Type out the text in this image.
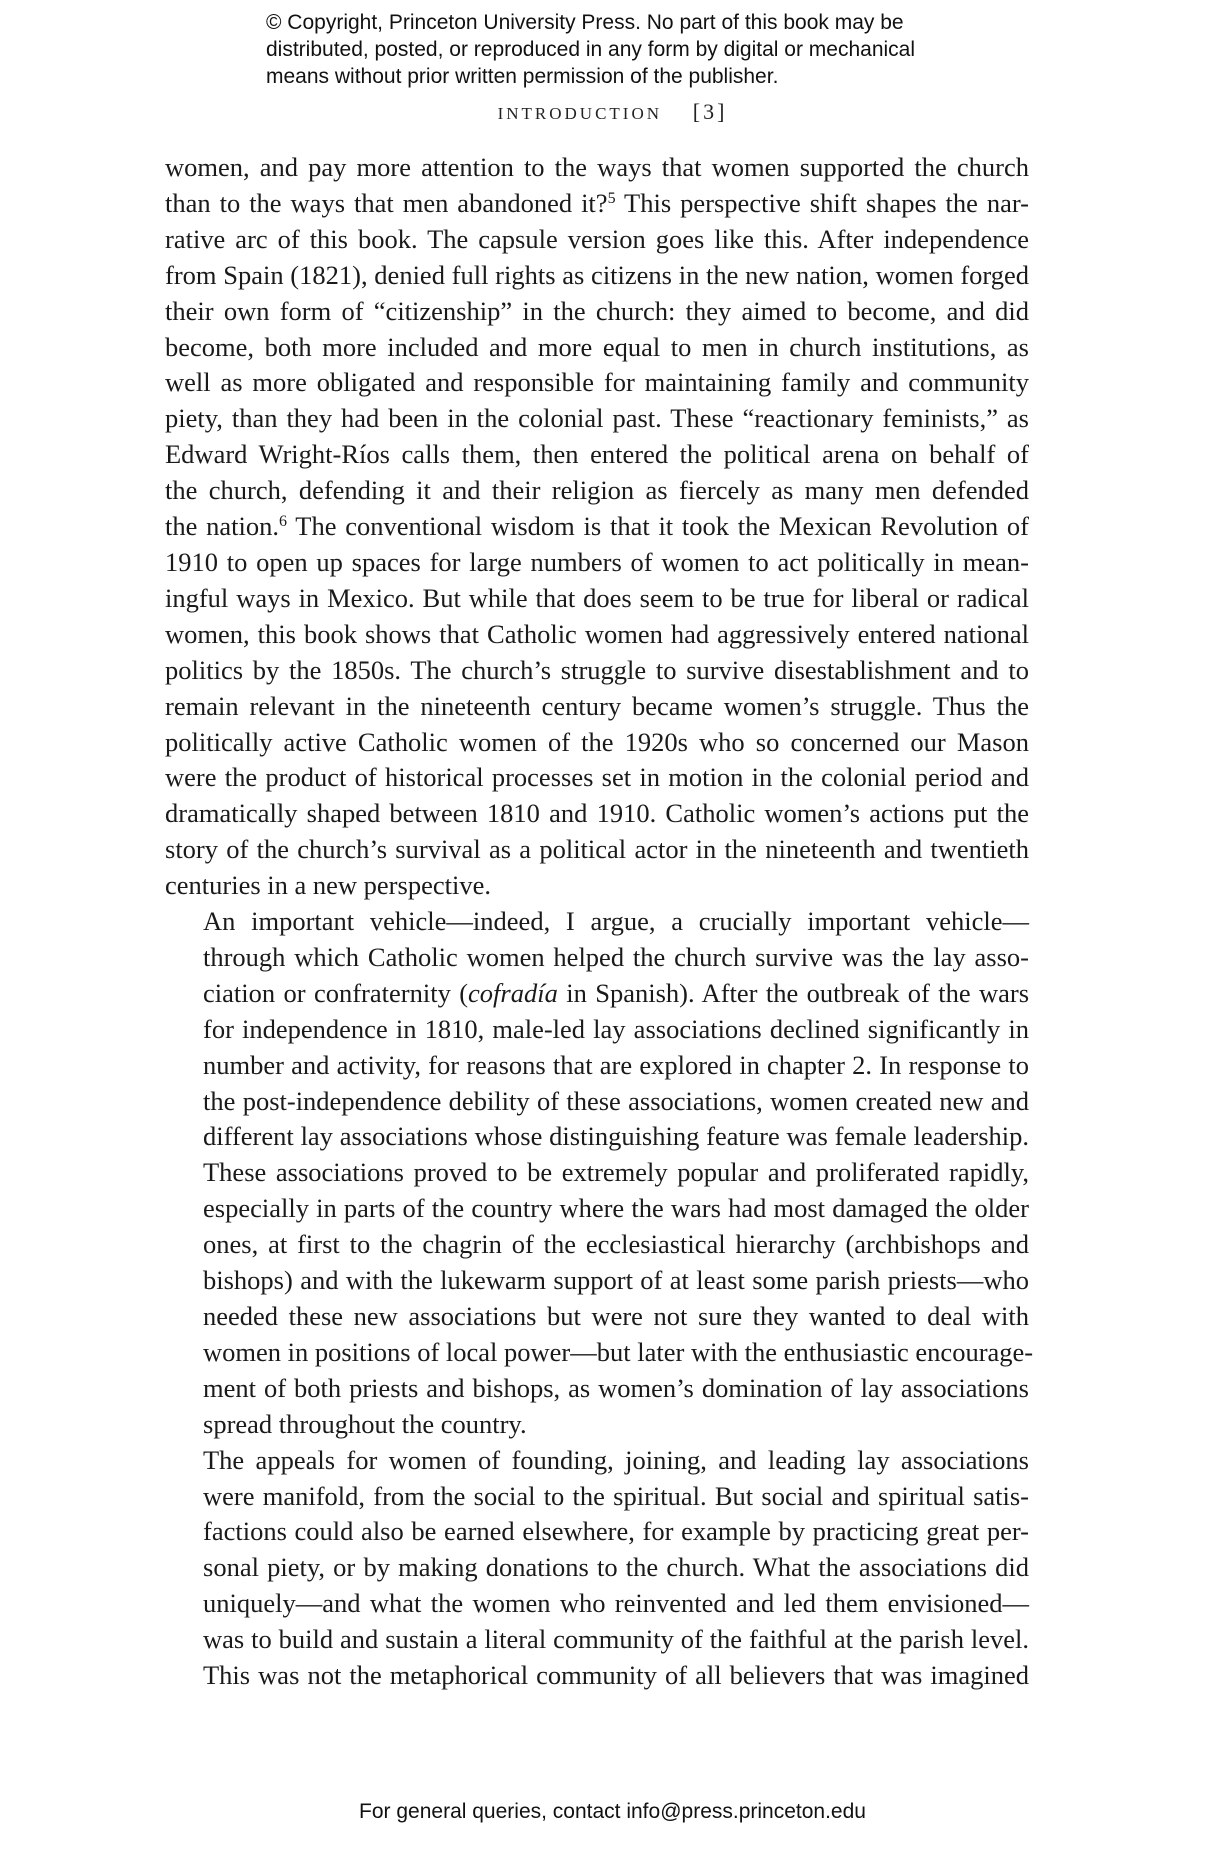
© Copyright, Princeton University Press. No part of this book may be
distributed, posted, or reproduced in any form by digital or mechanical
means without prior written permission of the publisher.
INTRODUCTION [3]
women, and pay more attention to the ways that women supported the church
than to the ways that men abandoned it?$^5$ This perspective shift shapes the nar-
rative arc of this book. The capsule version goes like this. After independence
from Spain (1821), denied full rights as citizens in the new nation, women forged
their own form of “citizenship” in the church: they aimed to become, and did
become, both more included and more equal to men in church institutions, as
well as more obligated and responsible for maintaining family and community
piety, than they had been in the colonial past. These “reactionary feminists,” as
Edward Wright-Ríos calls them, then entered the political arena on behalf of
the church, defending it and their religion as fiercely as many men defended
the nation.$^6$ The conventional wisdom is that it took the Mexican Revolution of
1910 to open up spaces for large numbers of women to act politically in mean-
ingful ways in Mexico. But while that does seem to be true for liberal or radical
women, this book shows that Catholic women had aggressively entered national
politics by the 1850s. The church’s struggle to survive disestablishment and to
remain relevant in the nineteenth century became women’s struggle. Thus the
politically active Catholic women of the 1920s who so concerned our Mason
were the product of historical processes set in motion in the colonial period and
dramatically shaped between 1810 and 1910. Catholic women’s actions put the
story of the church’s survival as a political actor in the nineteenth and twentieth
centuries in a new perspective.
An important vehicle—indeed, I argue, a crucially important vehicle—
through which Catholic women helped the church survive was the lay asso-
ciation or confraternity (cofradía in Spanish). After the outbreak of the wars
for independence in 1810, male-led lay associations declined significantly in
number and activity, for reasons that are explored in chapter 2. In response to
the post-independence debility of these associations, women created new and
different lay associations whose distinguishing feature was female leadership.
These associations proved to be extremely popular and proliferated rapidly,
especially in parts of the country where the wars had most damaged the older
ones, at first to the chagrin of the ecclesiastical hierarchy (archbishops and
bishops) and with the lukewarm support of at least some parish priests—who
needed these new associations but were not sure they wanted to deal with
women in positions of local power—but later with the enthusiastic encourage-
ment of both priests and bishops, as women’s domination of lay associations
spread throughout the country.
The appeals for women of founding, joining, and leading lay associations
were manifold, from the social to the spiritual. But social and spiritual satis-
factions could also be earned elsewhere, for example by practicing great per-
sonal piety, or by making donations to the church. What the associations did
uniquely—and what the women who reinvented and led them envisioned—
was to build and sustain a literal community of the faithful at the parish level.
This was not the metaphorical community of all believers that was imagined
For general queries, contact info@press.princeton.edu
